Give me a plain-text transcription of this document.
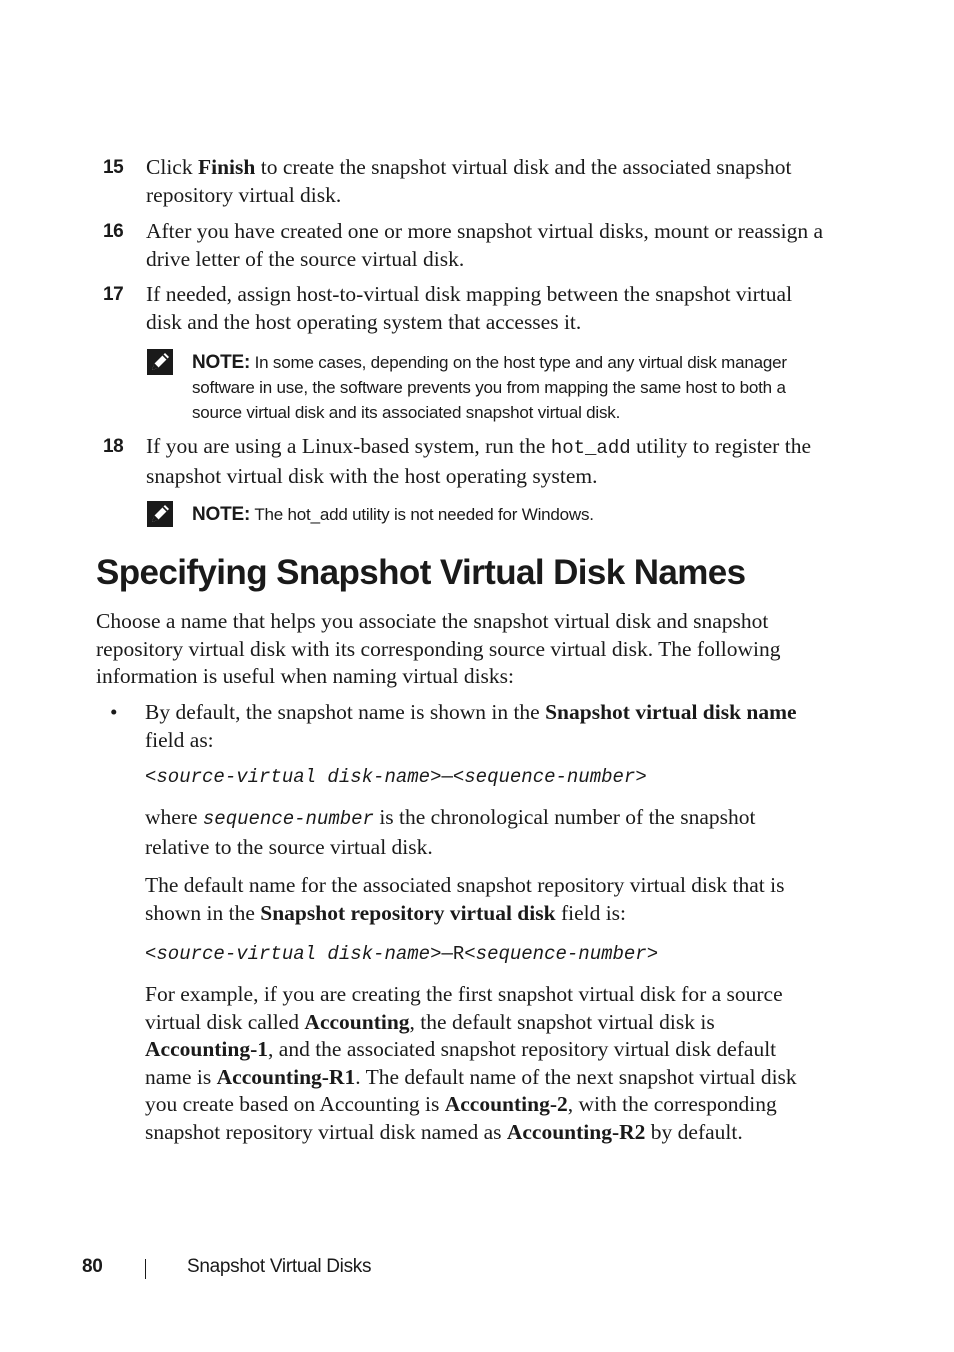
15 Click Finish to create the snapshot virtual disk and the associated snapshot repository virtual disk.
16 After you have created one or more snapshot virtual disks, mount or reassign a drive letter of the source virtual disk.
17 If needed, assign host-to-virtual disk mapping between the snapshot virtual disk and the host operating system that accesses it.
NOTE: In some cases, depending on the host type and any virtual disk manager software in use, the software prevents you from mapping the same host to both a source virtual disk and its associated snapshot virtual disk.
18 If you are using a Linux-based system, run the hot_add utility to register the snapshot virtual disk with the host operating system.
NOTE: The hot_add utility is not needed for Windows.
Specifying Snapshot Virtual Disk Names
Choose a name that helps you associate the snapshot virtual disk and snapshot repository virtual disk with its corresponding source virtual disk. The following information is useful when naming virtual disks:
• By default, the snapshot name is shown in the Snapshot virtual disk name field as:
<source-virtual disk-name>—<sequence-number>
where sequence-number is the chronological number of the snapshot relative to the source virtual disk.
The default name for the associated snapshot repository virtual disk that is shown in the Snapshot repository virtual disk field is:
<source-virtual disk-name>—R<sequence-number>
For example, if you are creating the first snapshot virtual disk for a source virtual disk called Accounting, the default snapshot virtual disk is Accounting-1, and the associated snapshot repository virtual disk default name is Accounting-R1. The default name of the next snapshot virtual disk you create based on Accounting is Accounting-2, with the corresponding snapshot repository virtual disk named as Accounting-R2 by default.
80	Snapshot Virtual Disks
